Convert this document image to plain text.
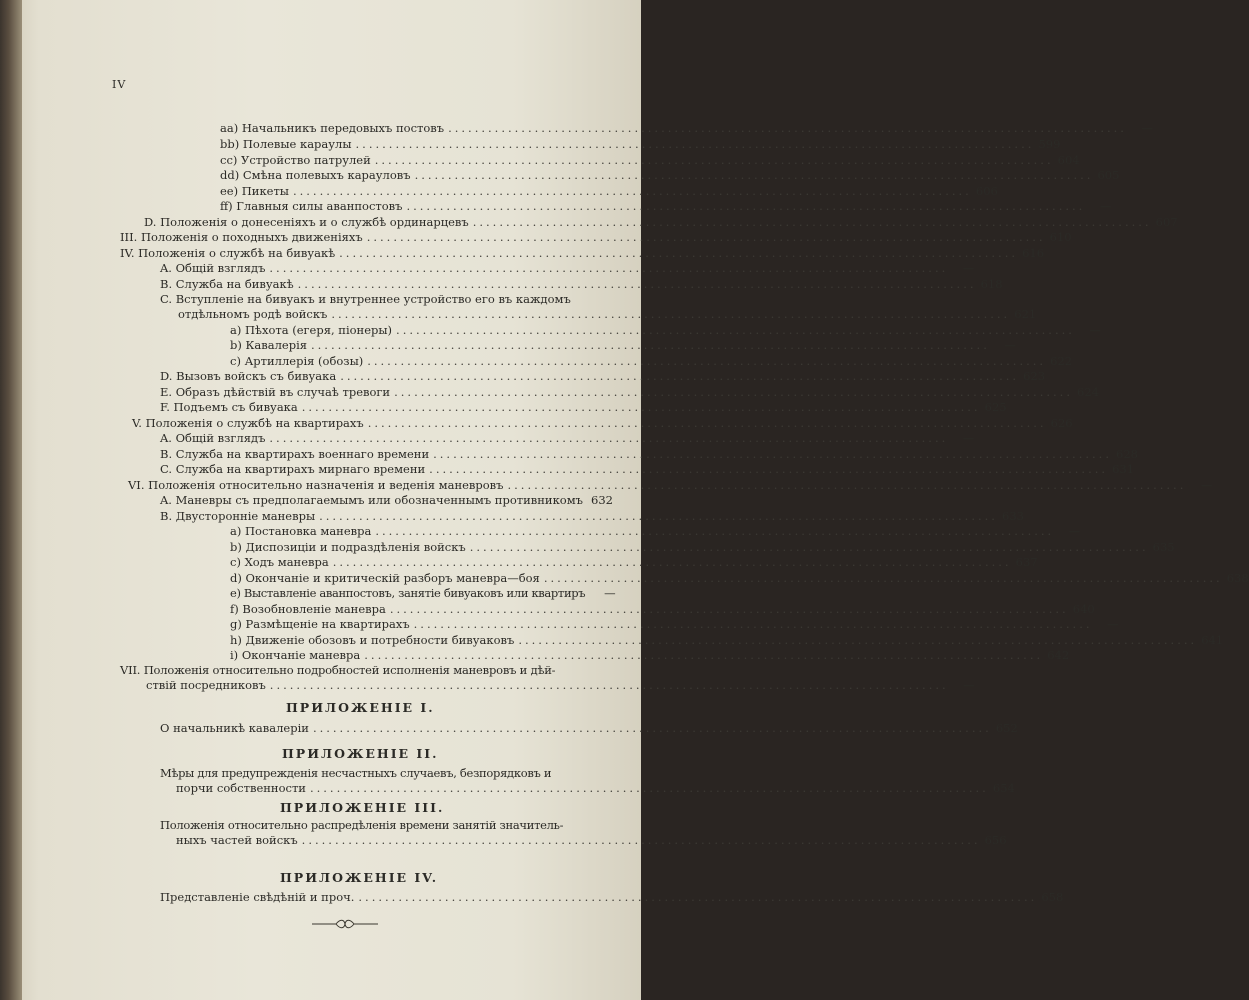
IV
aa) Начальникъ передовыхъ постовъ .....	—
bb) Полевые караулы .....	599
cc) Устройство патрулей .....	604
dd) Смѣна полевыхъ карауловъ .....	605
ee) Пикеты .....	606
ff) Главныя силы аванпостовъ .....	—
D. Положенія о донесеніяхъ и о службѣ ординарцевъ .....	607
III. Положенія о походныхъ движеніяхъ .....	610
IV. Положенія о службѣ на бивуакѣ .....	616
A. Общій взглядъ .....	—
B. Служба на бивуакѣ .....	618
C. Вступленіе на бивуакъ и внутреннее устройство его въ каждомъ
отдѣльномъ родѣ войскъ .....	621
a) Пѣхота (егеря, піонеры) .....	—
b) Кавалерія .....	—
c) Артиллерія (обозы) .....	622
D. Вызовъ войскъ съ бивуака .....	623
E. Образъ дѣйствій въ случаѣ тревоги .....	624
F. Подъемъ съ бивуака .....	625
V. Положенія о службѣ на квартирахъ .....	626
A. Общій взглядъ .....	—
B. Служба на квартирахъ военнаго времени .....	628
C. Служба на квартирахъ мирнаго времени .....	631
VI. Положенія относительно назначенія и веденія маневровъ .....	—
A. Маневры съ предполагаемымъ или обозначеннымъ противникомъ 632
B. Двусторонніе маневры .....	633
a) Постановка маневра .....	—
b) Диспозиціи и подраздѣленія войскъ .....	635
c) Ходъ маневра .....	637
d) Окончаніе и критическій разборъ маневра—боя .....	638
e) Выставленіе аванпостовъ, занятіе бивуаковъ или квартиръ	—
f) Возобновленіе маневра .....	640
g) Размѣщеніе на квартирахъ .....	—
h) Движеніе обозовъ и потребности бивуаковъ .....	641
i) Окончаніе маневра .....	642
VII. Положенія относительно подробностей исполненія маневровъ и дѣй-
ствій посредниковъ .....	—
ПРИЛОЖЕНІЕ I.
О начальникѣ кавалеріи .....	652
ПРИЛОЖЕНІЕ II.
Мѣры для предупрежденія несчастныхъ случаевъ, безпорядковъ и
порчи собственности .....	654
ПРИЛОЖЕНІЕ III.
Положенія относительно распредѣленія времени занятій значитель-
ныхъ частей войскъ .....	656
ПРИЛОЖЕНІЕ IV.
Представленіе свѣдѣній и проч. .....	658
